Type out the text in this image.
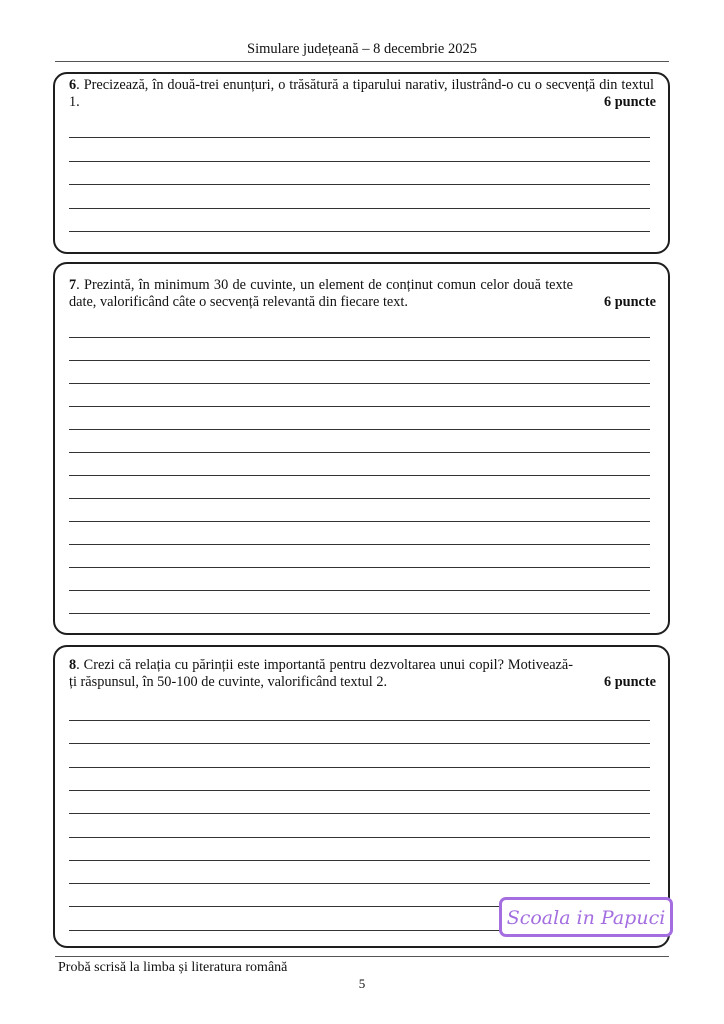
Simulare județeană – 8 decembrie 2025
6. Precizează, în două-trei enunțuri, o trăsătură a tiparului narativ, ilustrând-o cu o secvență din textul 1.	6 puncte
7. Prezintă, în minimum 30 de cuvinte, un element de conținut comun celor două texte date, valorificând câte o secvență relevantă din fiecare text.	6 puncte
8. Crezi că relația cu părinții este importantă pentru dezvoltarea unui copil? Motivează-ți răspunsul, în 50-100 de cuvinte, valorificând textul 2.	6 puncte
Scoala in Papuci
Probă scrisă la limba și literatura română
5
